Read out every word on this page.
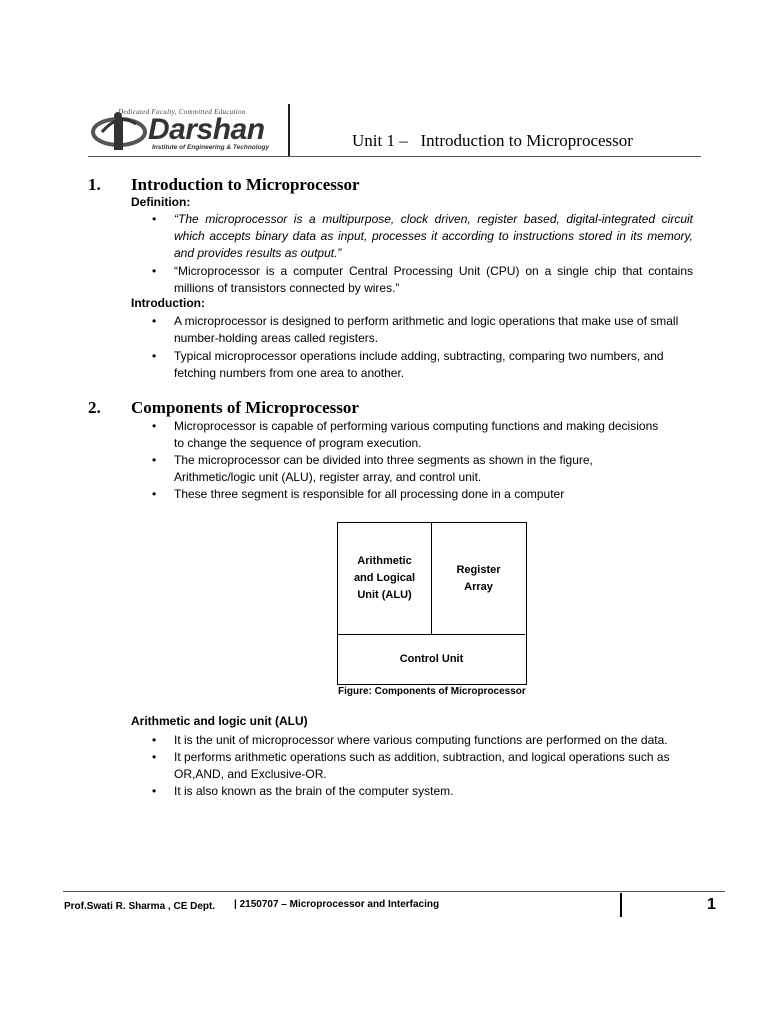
Dedicated Faculty, Committed Education
Darshan
Institute of Engineering & Technology	Unit 1 –   Introduction to Microprocessor
1. Introduction to Microprocessor
Definition:
• “The microprocessor is a multipurpose, clock driven, register based, digital-integrated circuit which accepts binary data as input, processes it according to instructions stored in its memory, and provides results as output.”
• “Microprocessor is a computer Central Processing Unit (CPU) on a single chip that contains millions of transistors connected by wires.”
Introduction:
• A microprocessor is designed to perform arithmetic and logic operations that make use of small number-holding areas called registers.
• Typical microprocessor operations include adding, subtracting, comparing two numbers, and fetching numbers from one area to another.
2. Components of Microprocessor
• Microprocessor is capable of performing various computing functions and making decisions to change the sequence of program execution.
• The microprocessor can be divided into three segments as shown in the figure, Arithmetic/logic unit (ALU), register array, and control unit.
• These three segment is responsible for all processing done in a computer
Arithmetic
and Logical
Unit (ALU)
Register
Array
Control Unit
Figure: Components of Microprocessor
Arithmetic and logic unit (ALU)
• It is the unit of microprocessor where various computing functions are performed on the data.
• It performs arithmetic operations such as addition, subtraction, and logical operations such as OR,AND, and Exclusive-OR.
• It is also known as the brain of the computer system.
Prof.Swati R. Sharma , CE Dept. | 2150707 – Microprocessor and Interfacing	1
